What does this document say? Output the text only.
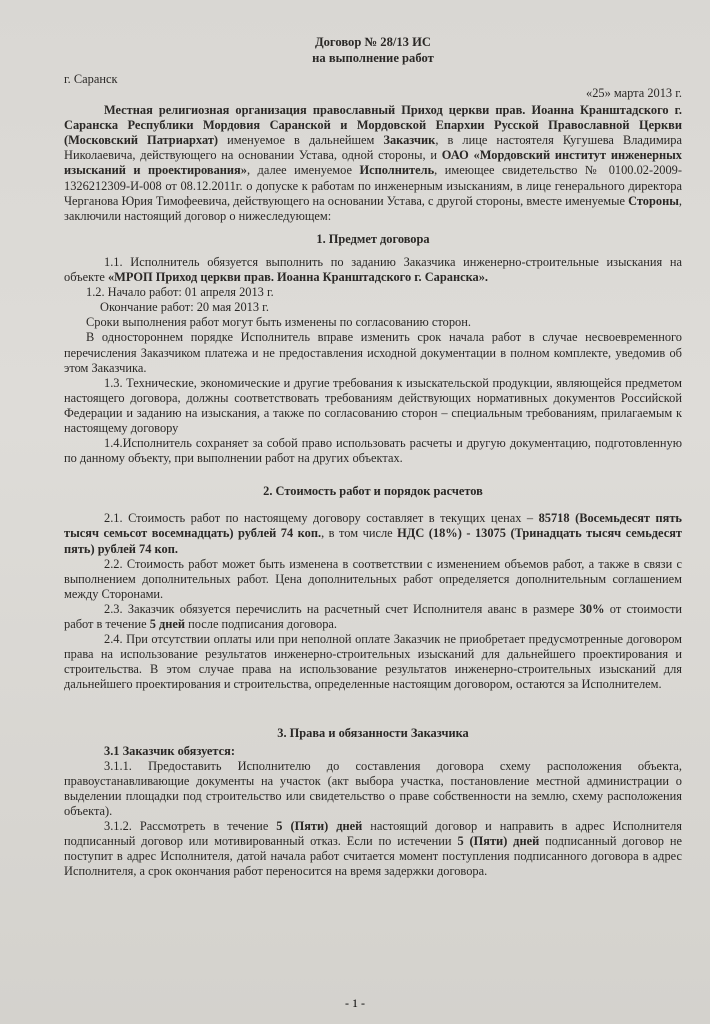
Договор № 28/13 ИС
на выполнение работ
г. Саранск
«25» марта 2013 г.

Местная религиозная организация православный Приход церкви прав. Иоанна Кранштадского г. Саранска Республики Мордовия Саранской и Мордовской Епархии Русской Православной Церкви (Московский Патриархат) именуемое в дальнейшем Заказчик, в лице настоятеля Кугушева Владимира Николаевича, действующего на основании Устава, одной стороны, и ОАО «Мордовский институт инженерных изысканий и проектирования», далее именуемое Исполнитель, имеющее свидетельство № 0100.02-2009-1326212309-И-008 от 08.12.2011г. о допуске к работам по инженерным изысканиям, в лице генерального директора Черганова Юрия Тимофеевича, действующего на основании Устава, с другой стороны, вместе именуемые Стороны, заключили настоящий договор о нижеследующем:

1. Предмет договора

1.1. Исполнитель обязуется выполнить по заданию Заказчика инженерно-строительные изыскания на объекте «МРОП Приход церкви прав. Иоанна Кранштадского г. Саранска».

1.2. Начало работ: 01 апреля 2013 г.

Окончание работ: 20 мая 2013 г.

Сроки выполнения работ могут быть изменены по согласованию сторон.

В одностороннем порядке Исполнитель вправе изменить срок начала работ в случае несвоевременного перечисления Заказчиком платежа и не предоставления исходной документации в полном комплекте, уведомив об этом Заказчика.

1.3. Технические, экономические и другие требования к изыскательской продукции, являющейся предметом настоящего договора, должны соответствовать требованиям действующих нормативных документов Российской Федерации и заданию на изыскания, а также по согласованию сторон – специальным требованиям, прилагаемым к настоящему договору

1.4.Исполнитель сохраняет за собой право использовать расчеты и другую документацию, подготовленную по данному объекту, при выполнении работ на других объектах.

2. Стоимость работ и порядок расчетов

2.1. Стоимость работ по настоящему договору составляет в текущих ценах – 85718 (Восемьдесят пять тысяч семьсот восемнадцать) рублей 74 коп., в том числе НДС (18%) - 13075 (Тринадцать тысяч семьдесят пять) рублей 74 коп.

2.2. Стоимость работ может быть изменена в соответствии с изменением объемов работ, а также в связи с выполнением дополнительных работ. Цена дополнительных работ определяется дополнительным соглашением между Сторонами.

2.3. Заказчик обязуется перечислить на расчетный счет Исполнителя аванс в размере 30% от стоимости работ в течение 5 дней после подписания договора.

2.4. При отсутствии оплаты или при неполной оплате Заказчик не приобретает предусмотренные договором права на использование результатов инженерно-строительных изысканий для дальнейшего проектирования и строительства. В этом случае права на использование результатов инженерно-строительных изысканий для дальнейшего проектирования и строительства, определенные настоящим договором, остаются за Исполнителем.

3. Права и обязанности Заказчика

3.1 Заказчик обязуется:

3.1.1. Предоставить Исполнителю до составления договора схему расположения объекта, правоустанавливающие документы на участок (акт выбора участка, постановление местной администрации о выделении площадки под строительство или свидетельство о праве собственности на землю, схему расположения объекта).

3.1.2. Рассмотреть в течение 5 (Пяти) дней настоящий договор и направить в адрес Исполнителя подписанный договор или мотивированный отказ. Если по истечении 5 (Пяти) дней подписанный договор не поступит в адрес Исполнителя, датой начала работ считается момент поступления подписанного договора в адрес Исполнителя, а срок окончания работ переносится на время задержки договора.

- 1 -
